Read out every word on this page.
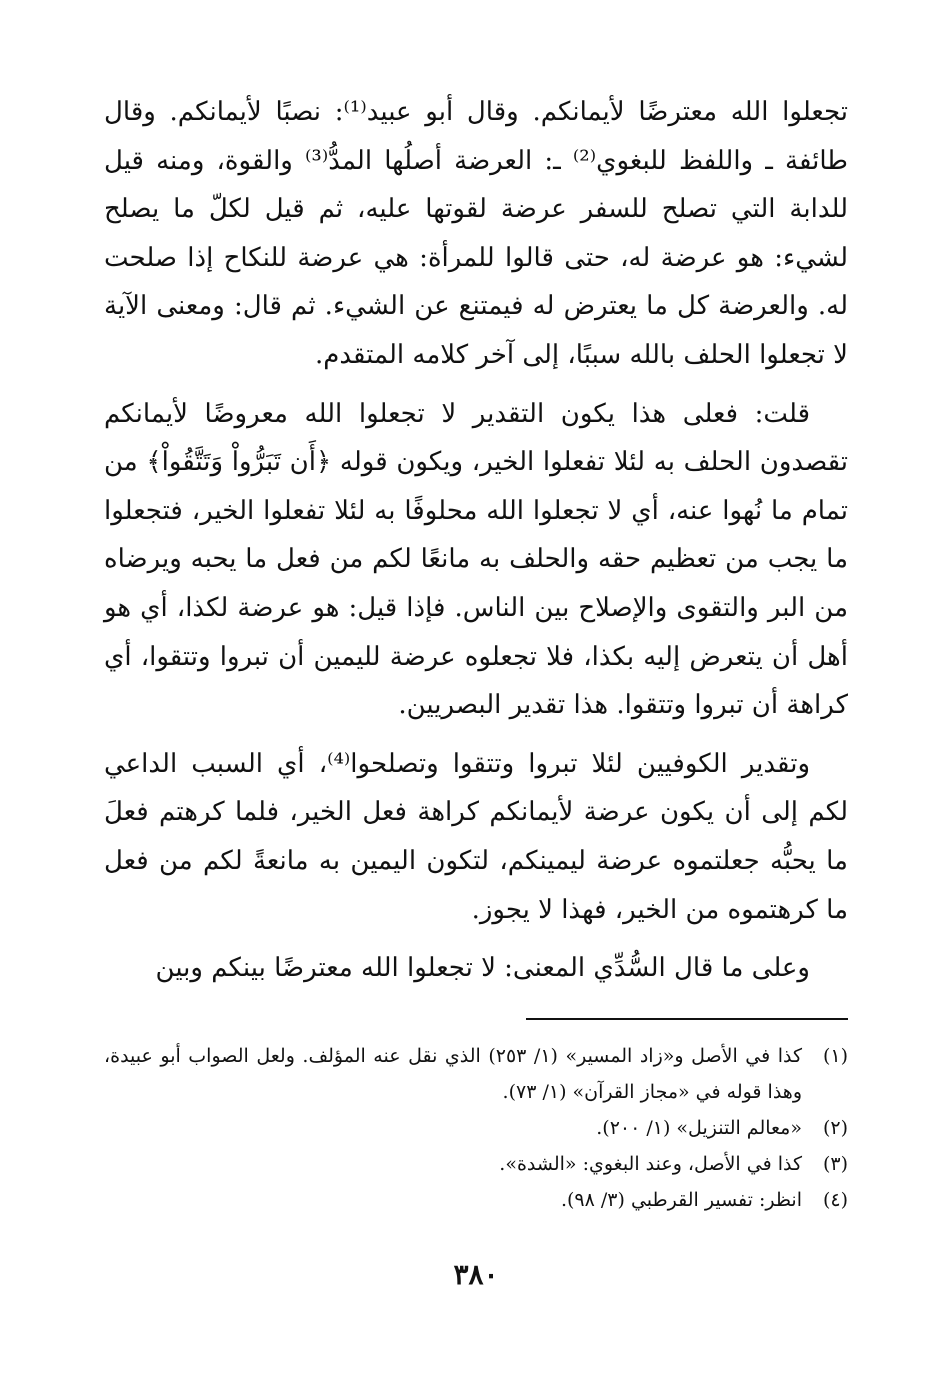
تجعلوا الله معترضًا لأيمانكم. وقال أبو عبيد⁽¹⁾: نصبًا لأيمانكم. وقال طائفة ـ واللفظ للبغوي⁽²⁾ ـ: العرضة أصلُها المدُّ⁽³⁾ والقوة، ومنه قيل للدابة التي تصلح للسفر عرضة لقوتها عليه، ثم قيل لكلّ ما يصلح لشيء: هو عرضة له، حتى قالوا للمرأة: هي عرضة للنكاح إذا صلحت له. والعرضة كل ما يعترض له فيمتنع عن الشيء. ثم قال: ومعنى الآية لا تجعلوا الحلف بالله سببًا، إلى آخر كلامه المتقدم.

قلت: فعلى هذا يكون التقدير لا تجعلوا الله معروضًا لأيمانكم تقصدون الحلف به لئلا تفعلوا الخير، ويكون قوله ﴿أَن تَبَرُّواْ وَتَتَّقُواْ﴾ من تمام ما نُهوا عنه، أي لا تجعلوا الله محلوفًا به لئلا تفعلوا الخير، فتجعلوا ما يجب من تعظيم حقه والحلف به مانعًا لكم من فعل ما يحبه ويرضاه من البر والتقوى والإصلاح بين الناس. فإذا قيل: هو عرضة لكذا، أي هو أهل أن يتعرض إليه بكذا، فلا تجعلوه عرضة لليمين أن تبروا وتتقوا، أي كراهة أن تبروا وتتقوا. هذا تقدير البصريين.

وتقدير الكوفيين لئلا تبروا وتتقوا وتصلحوا⁽⁴⁾، أي السبب الداعي لكم إلى أن يكون عرضة لأيمانكم كراهة فعل الخير، فلما كرهتم فعلَ ما يحبُّه جعلتموه عرضة ليمينكم، لتكون اليمين به مانعةً لكم من فعل ما كرهتموه من الخير، فهذا لا يجوز.

وعلى ما قال السُّدِّي المعنى: لا تجعلوا الله معترضًا بينكم وبين

(١)
كذا في الأصل و«زاد المسير» (١/ ٢٥٣) الذي نقل عنه المؤلف. ولعل الصواب أبو عبيدة، وهذا قوله في «مجاز القرآن» (١/ ٧٣).
(٢)
«معالم التنزيل» (١/ ٢٠٠).
(٣)
كذا في الأصل، وعند البغوي: «الشدة».
(٤)
انظر: تفسير القرطبي (٣/ ٩٨).
٣٨٠
